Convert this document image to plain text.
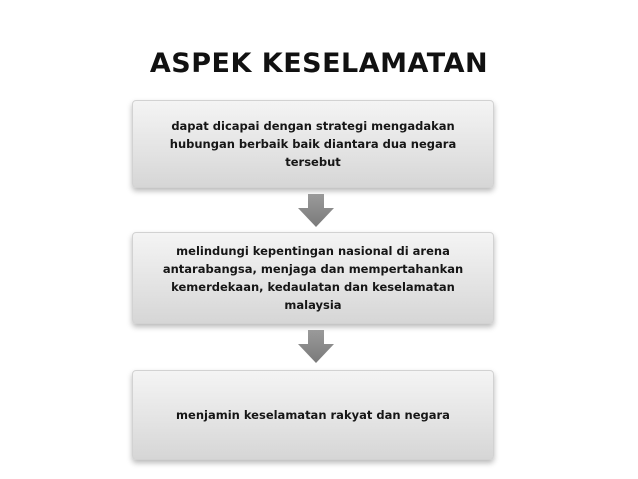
ASPEK KESELAMATAN
dapat dicapai dengan strategi mengadakan hubungan berbaik baik diantara dua negara tersebut
melindungi kepentingan nasional di arena antarabangsa, menjaga dan mempertahankan kemerdekaan, kedaulatan dan keselamatan malaysia
menjamin keselamatan rakyat dan negara
